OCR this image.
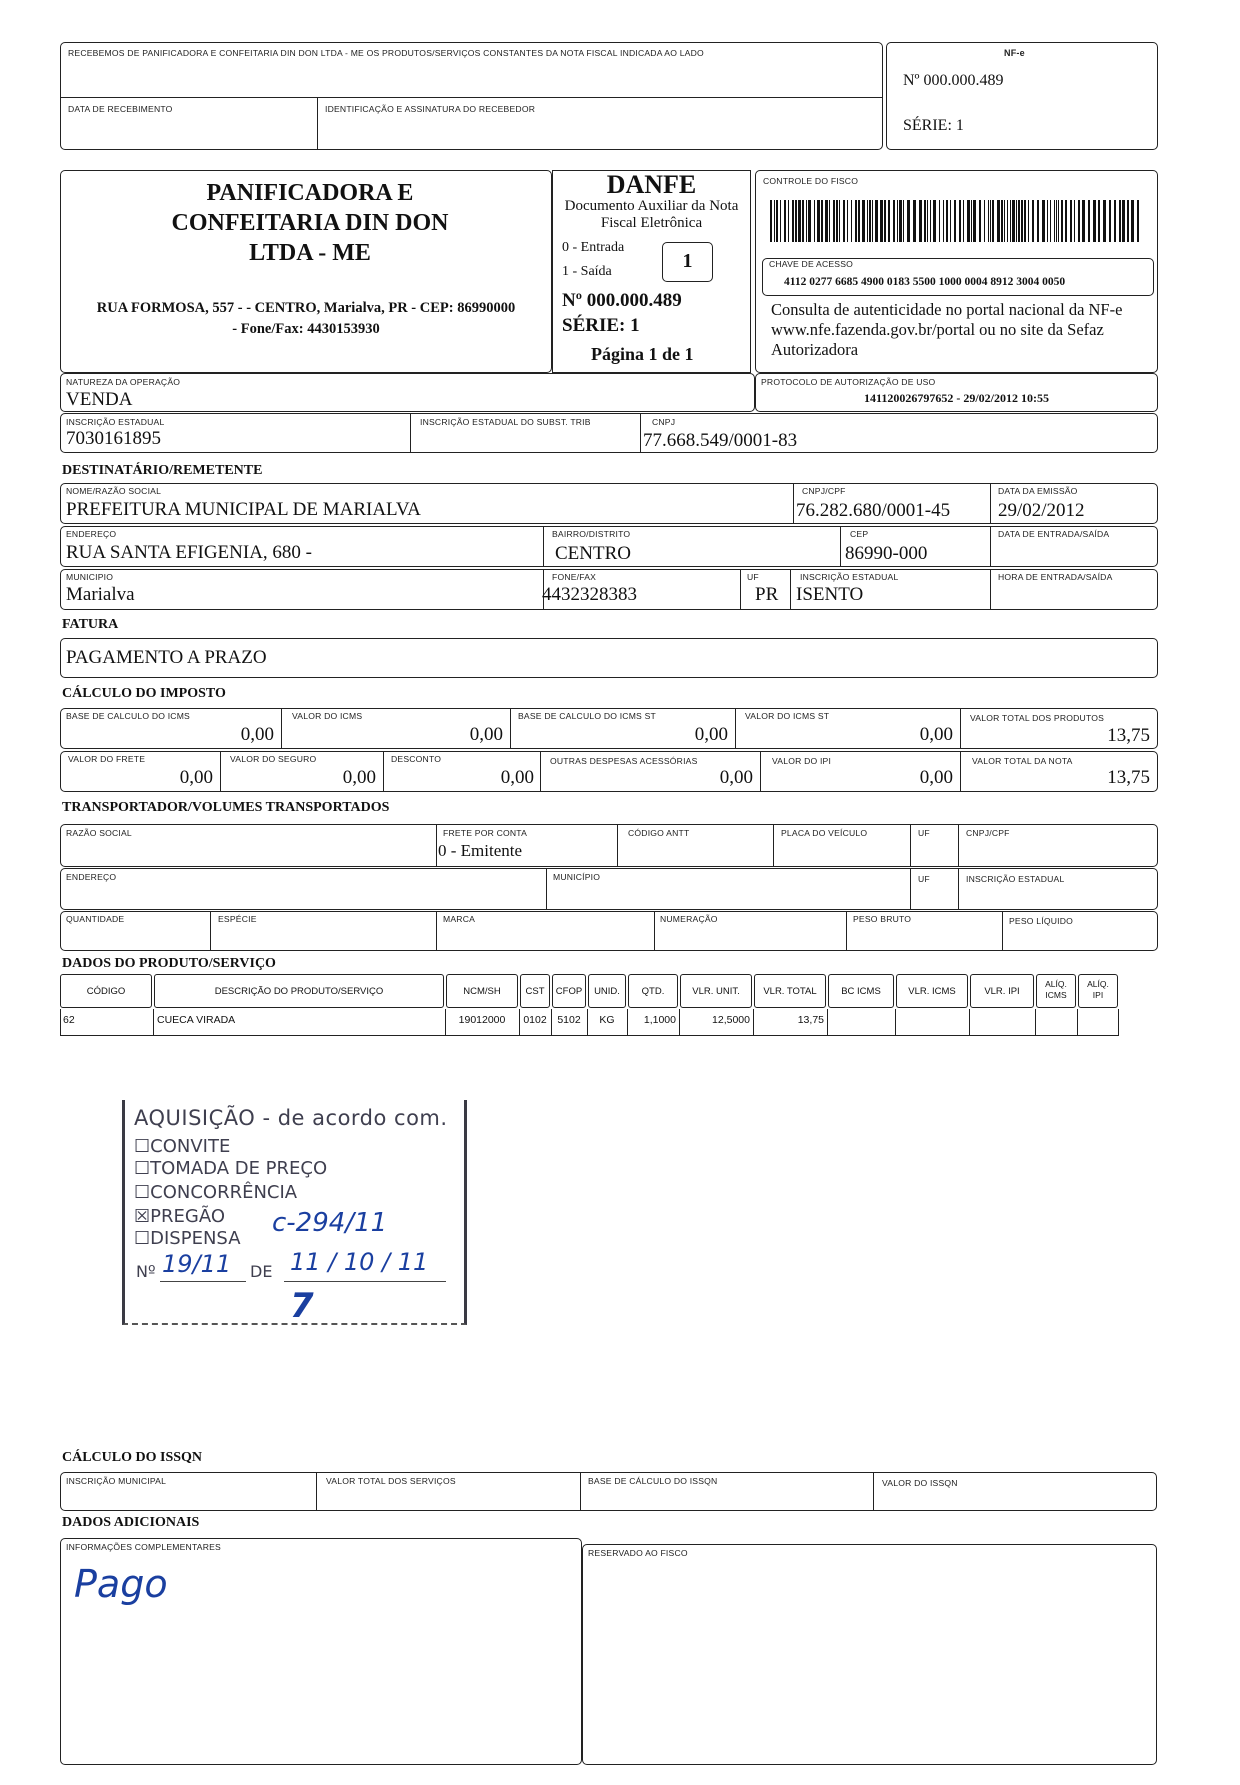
RECEBEMOS DE PANIFICADORA E CONFEITARIA DIN DON LTDA - ME OS PRODUTOS/SERVIÇOS CONSTANTES DA NOTA FISCAL INDICADA AO LADO
DATA DE RECEBIMENTO	IDENTIFICAÇÃO E ASSINATURA DO RECEBEDOR
NF-e
Nº 000.000.489
SÉRIE: 1
PANIFICADORA E CONFEITARIA DIN DON LTDA - ME
RUA FORMOSA, 557 - - CENTRO, Marialva, PR - CEP: 86990000
- Fone/Fax: 4430153930
DANFE
Documento Auxiliar da Nota Fiscal Eletrônica
0 - Entrada
1 - Saída	1
Nº 000.000.489
SÉRIE: 1
Página 1 de 1
CONTROLE DO FISCO
CHAVE DE ACESSO
4112 0277 6685 4900 0183 5500 1000 0004 8912 3004 0050
Consulta de autenticidade no portal nacional da NF-e www.nfe.fazenda.gov.br/portal ou no site da Sefaz Autorizadora
NATUREZA DA OPERAÇÃO
VENDA
PROTOCOLO DE AUTORIZAÇÃO DE USO
141120026797652 - 29/02/2012 10:55
INSCRIÇÃO ESTADUAL
7030161895
INSCRIÇÃO ESTADUAL DO SUBST. TRIB	CNPJ
77.668.549/0001-83
DESTINATÁRIO/REMETENTE
NOME/RAZÃO SOCIAL
PREFEITURA MUNICIPAL DE MARIALVA
CNPJ/CPF
76.282.680/0001-45
DATA DA EMISSÃO
29/02/2012
ENDEREÇO
RUA SANTA EFIGENIA, 680 -
BAIRRO/DISTRITO
CENTRO
CEP
86990-000
DATA DE ENTRADA/SAÍDA
MUNICIPIO
Marialva
FONE/FAX
4432328383
UF
PR
INSCRIÇÃO ESTADUAL
ISENTO
HORA DE ENTRADA/SAÍDA
FATURA
PAGAMENTO A PRAZO
CÁLCULO DO IMPOSTO
BASE DE CALCULO DO ICMS
0,00
VALOR DO ICMS
0,00
BASE DE CALCULO DO ICMS ST
0,00
VALOR DO ICMS ST
0,00
VALOR TOTAL DOS PRODUTOS
13,75
VALOR DO FRETE
0,00
VALOR DO SEGURO
0,00
DESCONTO
0,00
OUTRAS DESPESAS ACESSÓRIAS
0,00
VALOR DO IPI
0,00
VALOR TOTAL DA NOTA
13,75
TRANSPORTADOR/VOLUMES TRANSPORTADOS
RAZÃO SOCIAL	FRETE POR CONTA
0 - Emitente
CÓDIGO ANTT	PLACA DO VEÍCULO	UF	CNPJ/CPF
ENDEREÇO	MUNICÍPIO	UF	INSCRIÇÃO ESTADUAL
QUANTIDADE	ESPÉCIE	MARCA	NUMERAÇÃO	PESO BRUTO	PESO LÍQUIDO
DADOS DO PRODUTO/SERVIÇO
CÓDIGO	DESCRIÇÃO DO PRODUTO/SERVIÇO	NCM/SH	CST	CFOP	UNID.	QTD.	VLR. UNIT.	VLR. TOTAL	BC ICMS	VLR. ICMS	VLR. IPI
ALÍQ.
ICMS
ALÍQ.
IPI
62	CUECA VIRADA	19012000	0102	5102	KG	1,1000	12,5000	13,75
AQUISIÇÃO - de acordo com.
☐CONVITE
☐TOMADA DE PREÇO
☐CONCORRÊNCIA
☒PREGÃO
☐DISPENSA
c-294/11
Nº 19/11 DE 11 / 10 / 11
7
CÁLCULO DO ISSQN
INSCRIÇÃO MUNICIPAL	VALOR TOTAL DOS SERVIÇOS	BASE DE CÁLCULO DO ISSQN	VALOR DO ISSQN
DADOS ADICIONAIS
INFORMAÇÕES COMPLEMENTARES
Pago
RESERVADO AO FISCO
